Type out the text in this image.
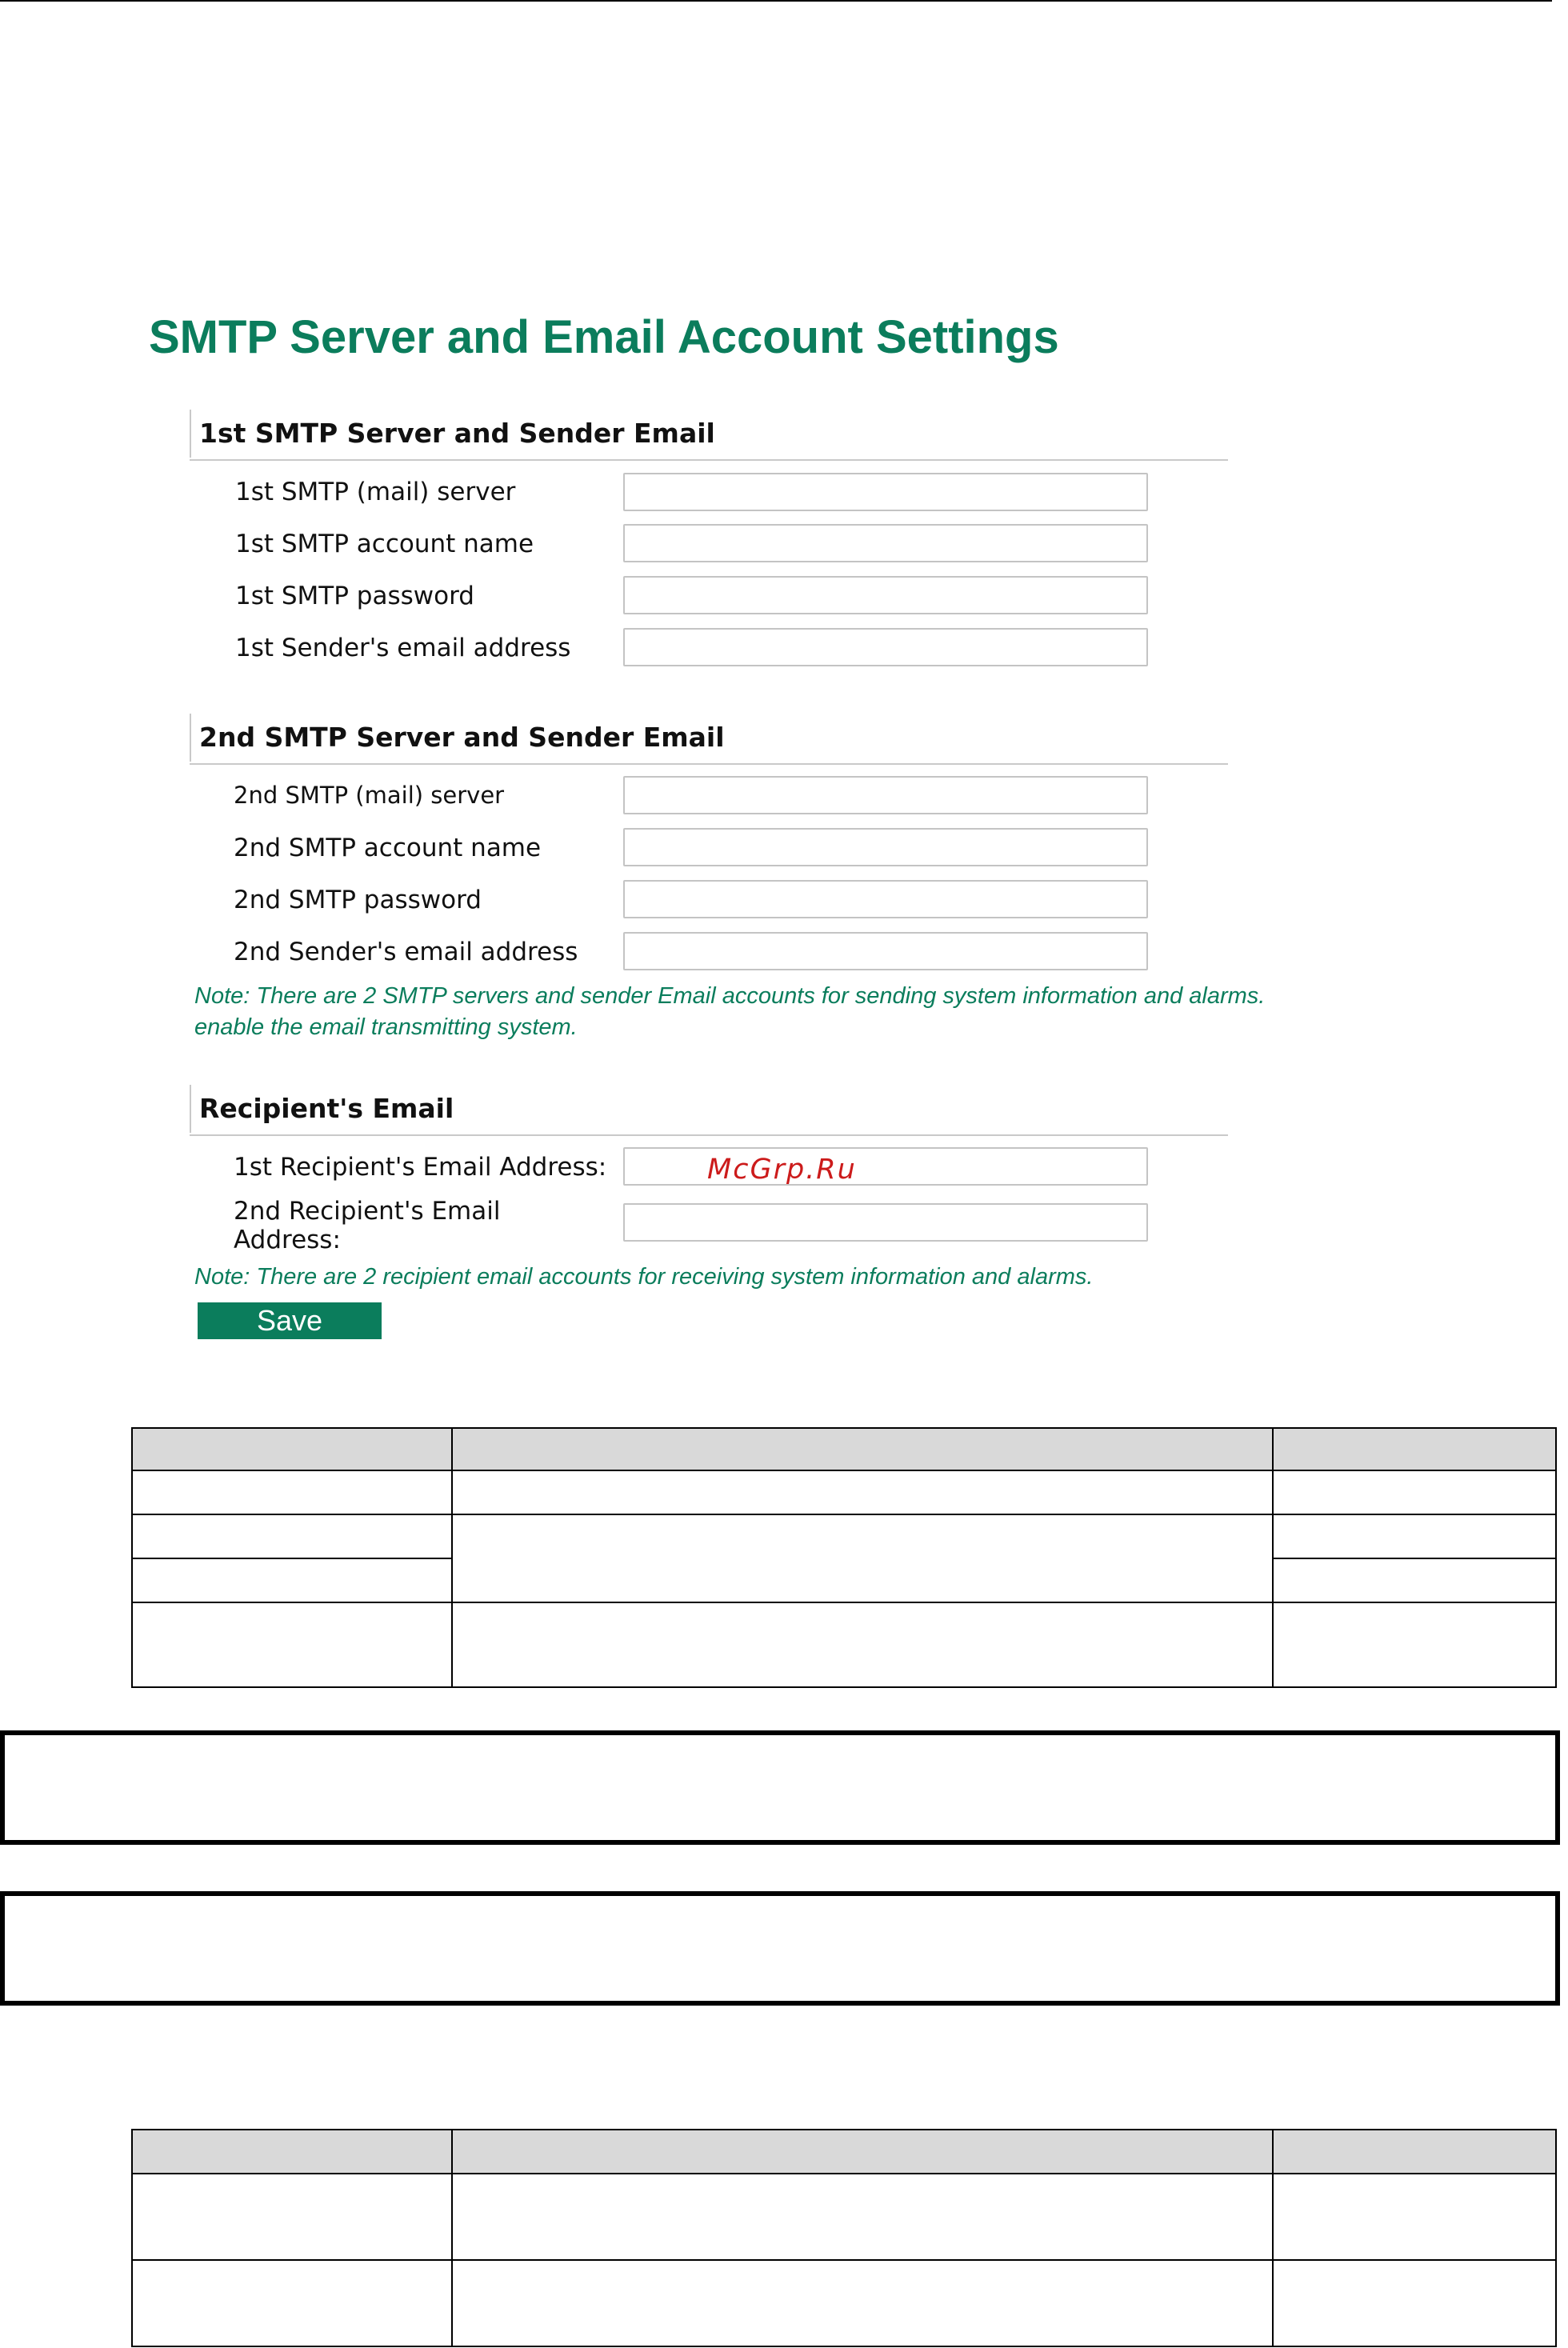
SMTP Server and Email Account Settings
1st SMTP Server and Sender Email
1st SMTP (mail) server
1st SMTP account name
1st SMTP password
1st Sender's email address
2nd SMTP Server and Sender Email
2nd SMTP (mail) server
2nd SMTP account name
2nd SMTP password
2nd Sender's email address
Note: There are 2 SMTP servers and sender Email accounts for sending system information and alarms.
enable the email transmitting system.
Recipient's Email
1st Recipient's Email Address:
2nd Recipient's Email Address:
Note: There are 2 recipient email accounts for receiving system information and alarms.
Save
McGrp.Ru
